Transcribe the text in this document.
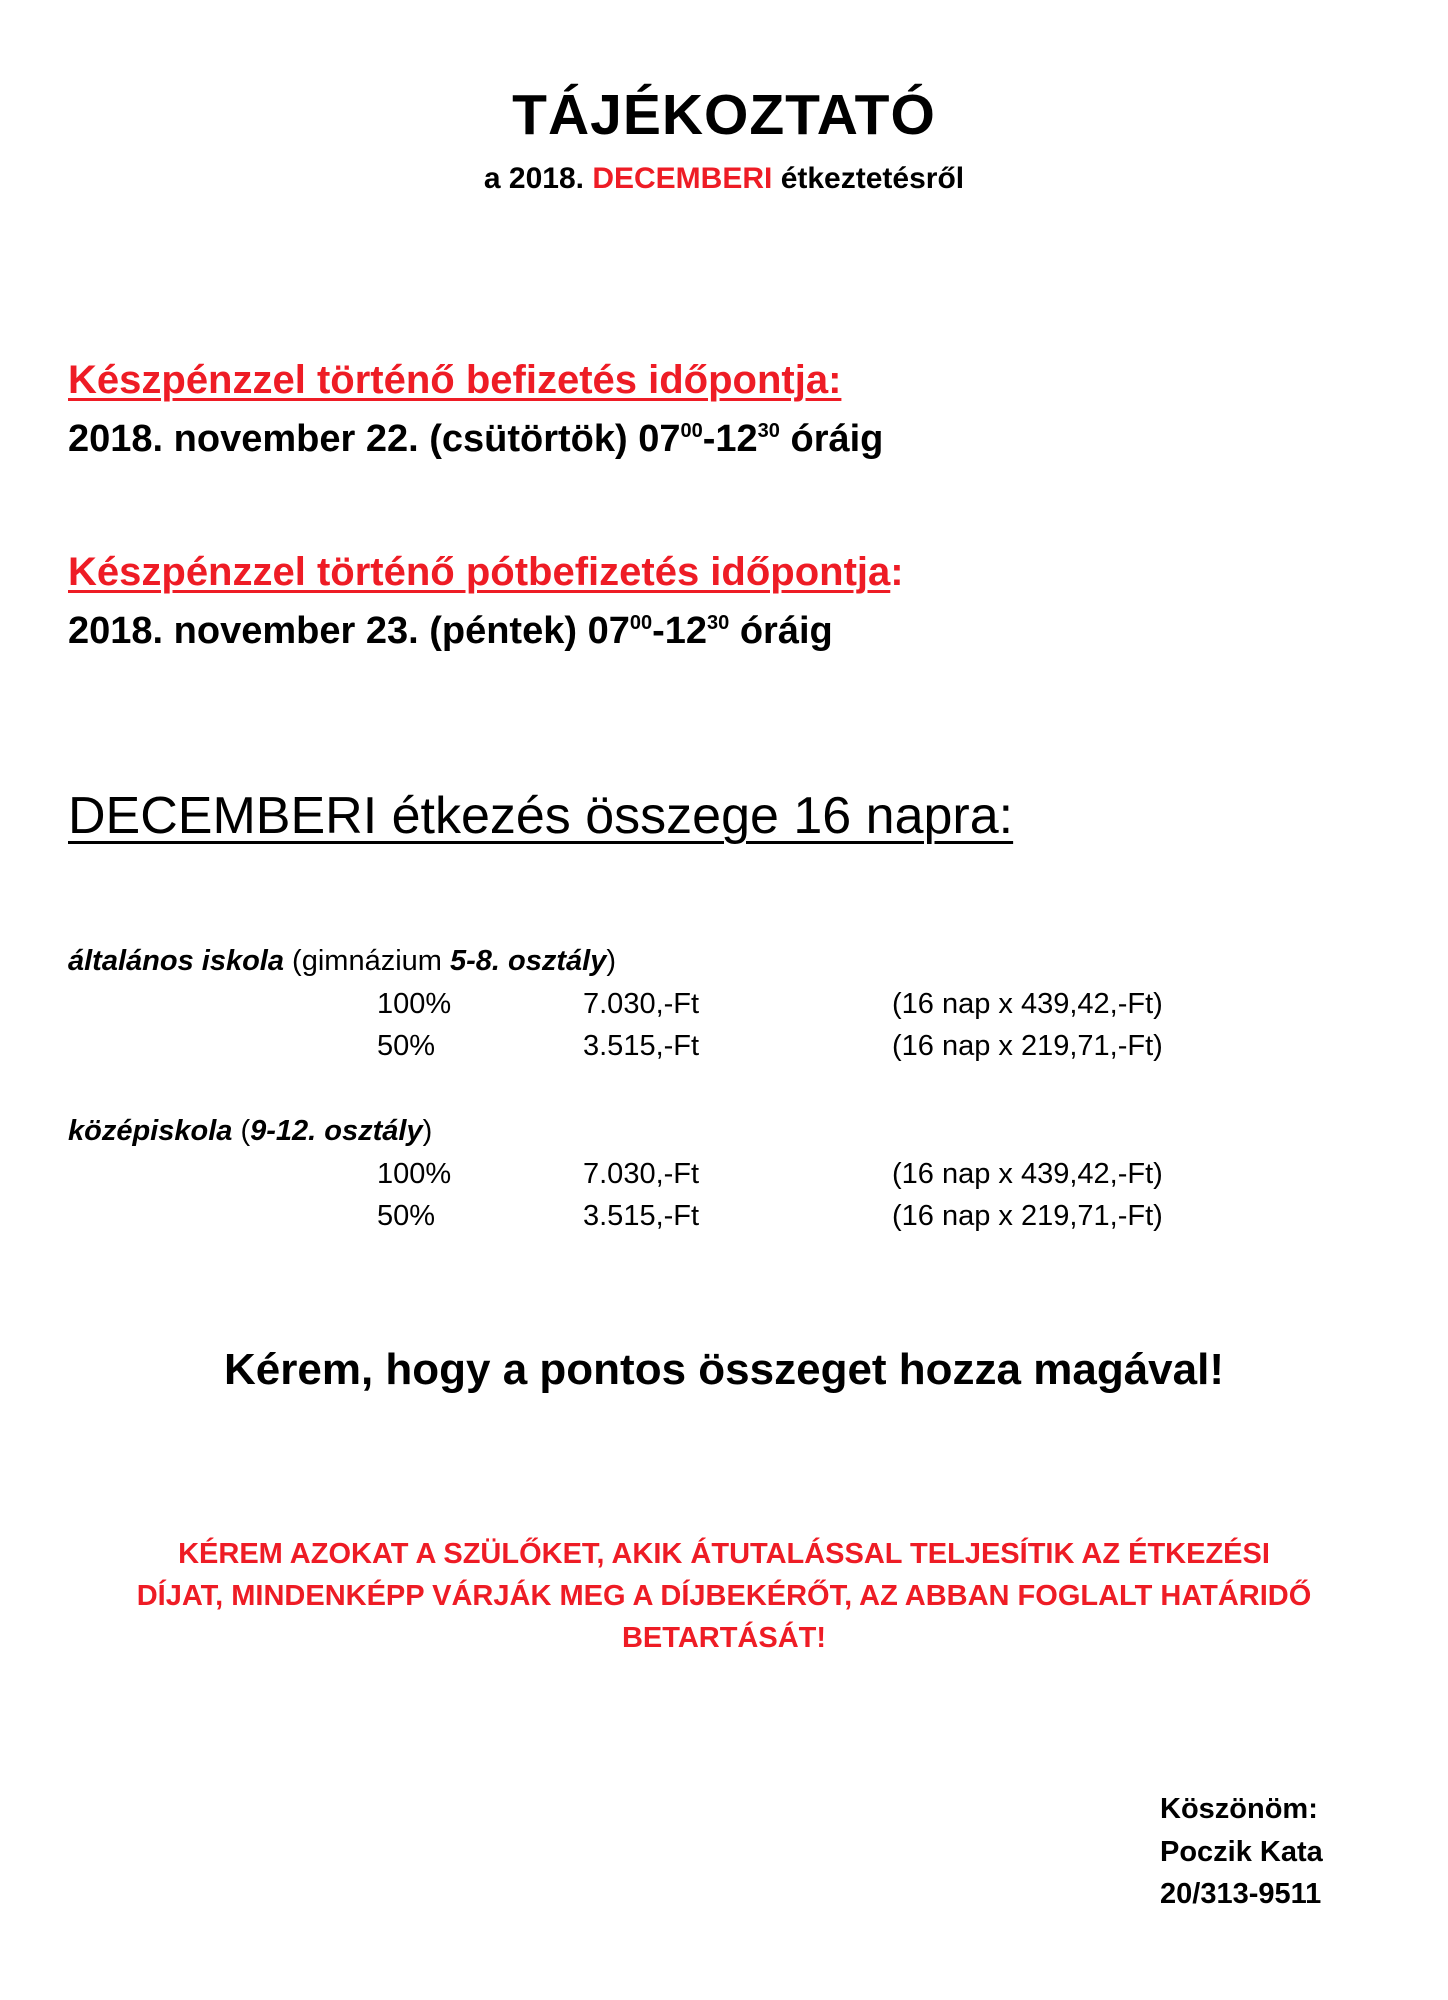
TÁJÉKOZTATÓ
a 2018. DECEMBERI étkeztetésről
Készpénzzel történő befizetés időpontja:
2018. november 22. (csütörtök) $07^{00}-12^{30}$ óráig
Készpénzzel történő pótbefizetés időpontja:
2018. november 23. (péntek) $07^{00}-12^{30}$ óráig
DECEMBERI étkezés összege 16 napra:
általános iskola (gimnázium 5-8. osztály)
100%	7.030,-Ft	(16 nap x 439,42,-Ft)
50%	3.515,-Ft	(16 nap x 219,71,-Ft)
középiskola (9-12. osztály)
100%	7.030,-Ft	(16 nap x 439,42,-Ft)
50%	3.515,-Ft	(16 nap x 219,71,-Ft)
Kérem, hogy a pontos összeget hozza magával!
KÉREM AZOKAT A SZÜLŐKET, AKIK ÁTUTALÁSSAL TELJESÍTIK AZ ÉTKEZÉSI
DÍJAT, MINDENKÉPP VÁRJÁK MEG A DÍJBEKÉRŐT, AZ ABBAN FOGLALT HATÁRIDŐ
BETARTÁSÁT!
Köszönöm:
Poczik Kata
20/313-9511
